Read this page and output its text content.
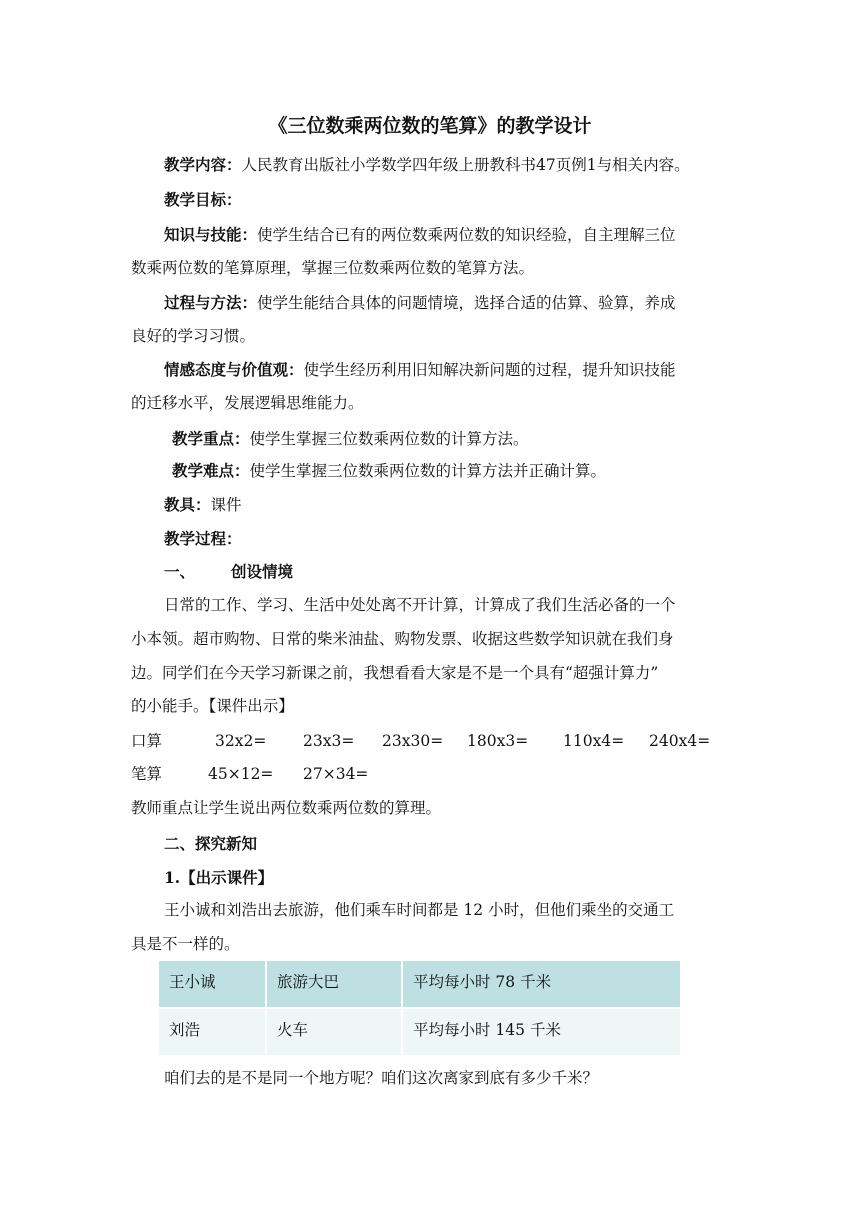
《三位数乘两位数的笔算》的教学设计
教学内容：人民教育出版社小学数学四年级上册教科书47页例1与相关内容。
教学目标：
知识与技能：使学生结合已有的两位数乘两位数的知识经验，自主理解三位
数乘两位数的笔算原理，掌握三位数乘两位数的笔算方法。
过程与方法：使学生能结合具体的问题情境，选择合适的估算、验算，养成
良好的学习习惯。
情感态度与价值观：使学生经历利用旧知解决新问题的过程，提升知识技能
的迁移水平，发展逻辑思维能力。
教学重点：使学生掌握三位数乘两位数的计算方法。
教学难点：使学生掌握三位数乘两位数的计算方法并正确计算。
教具：课件
教学过程：
一、 创设情境
日常的工作、学习、生活中处处离不开计算，计算成了我们生活必备的一个
小本领。超市购物、日常的柴米油盐、购物发票、收据这些数学知识就在我们身
边。同学们在今天学习新课之前，我想看看大家是不是一个具有“超强计算力”
的小能手。【课件出示】
口算	32x2= 23x3= 23x30= 180x3= 110x4= 240x4=
笔算	45×12= 27×34=
教师重点让学生说出两位数乘两位数的算理。
二、探究新知
1.【出示课件】
王小诚和刘浩出去旅游，他们乘车时间都是 12 小时，但他们乘坐的交通工
具是不一样的。
王小诚	旅游大巴	平均每小时 78 千米
刘浩	火车	平均每小时 145 千米
咱们去的是不是同一个地方呢？咱们这次离家到底有多少千米？
